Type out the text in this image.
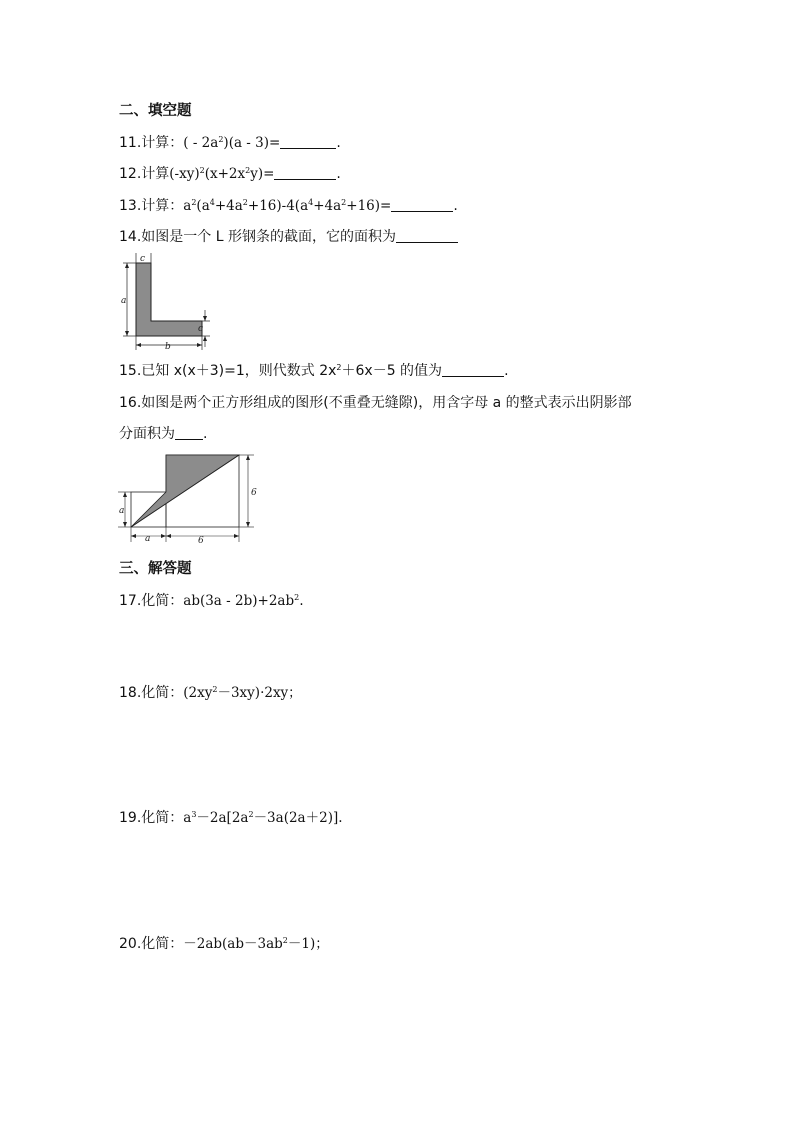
二、填空题
11.计算：( - $2a^2)(a - 3)=$	.
12.计算$(-xy)^2(x+2x^2y)=$	.
13.计算：$a^2(a^4+4a^2+16)-4(a^4+4a^2+16)=$	.
14.如图是一个 L 形钢条的截面，它的面积为
c
a
c
b
15.已知 x(x＋3)=1，则代数式 $2x^2+6x-5$ 的值为	.
16.如图是两个正方形组成的图形(不重叠无缝隙)，用含字母 a 的整式表示出阴影部
分面积为 .
a
a	6
6
三、解答题
17.化简：$ab(3a - 2b)+2ab^2$.
18.化简：$(2xy^2-3xy)\cdot 2xy$；
19.化简：$a^3-2a[2a^2-3a(2a+2)]$.
20.化简：$-2ab(ab-3ab^2-1)$；
